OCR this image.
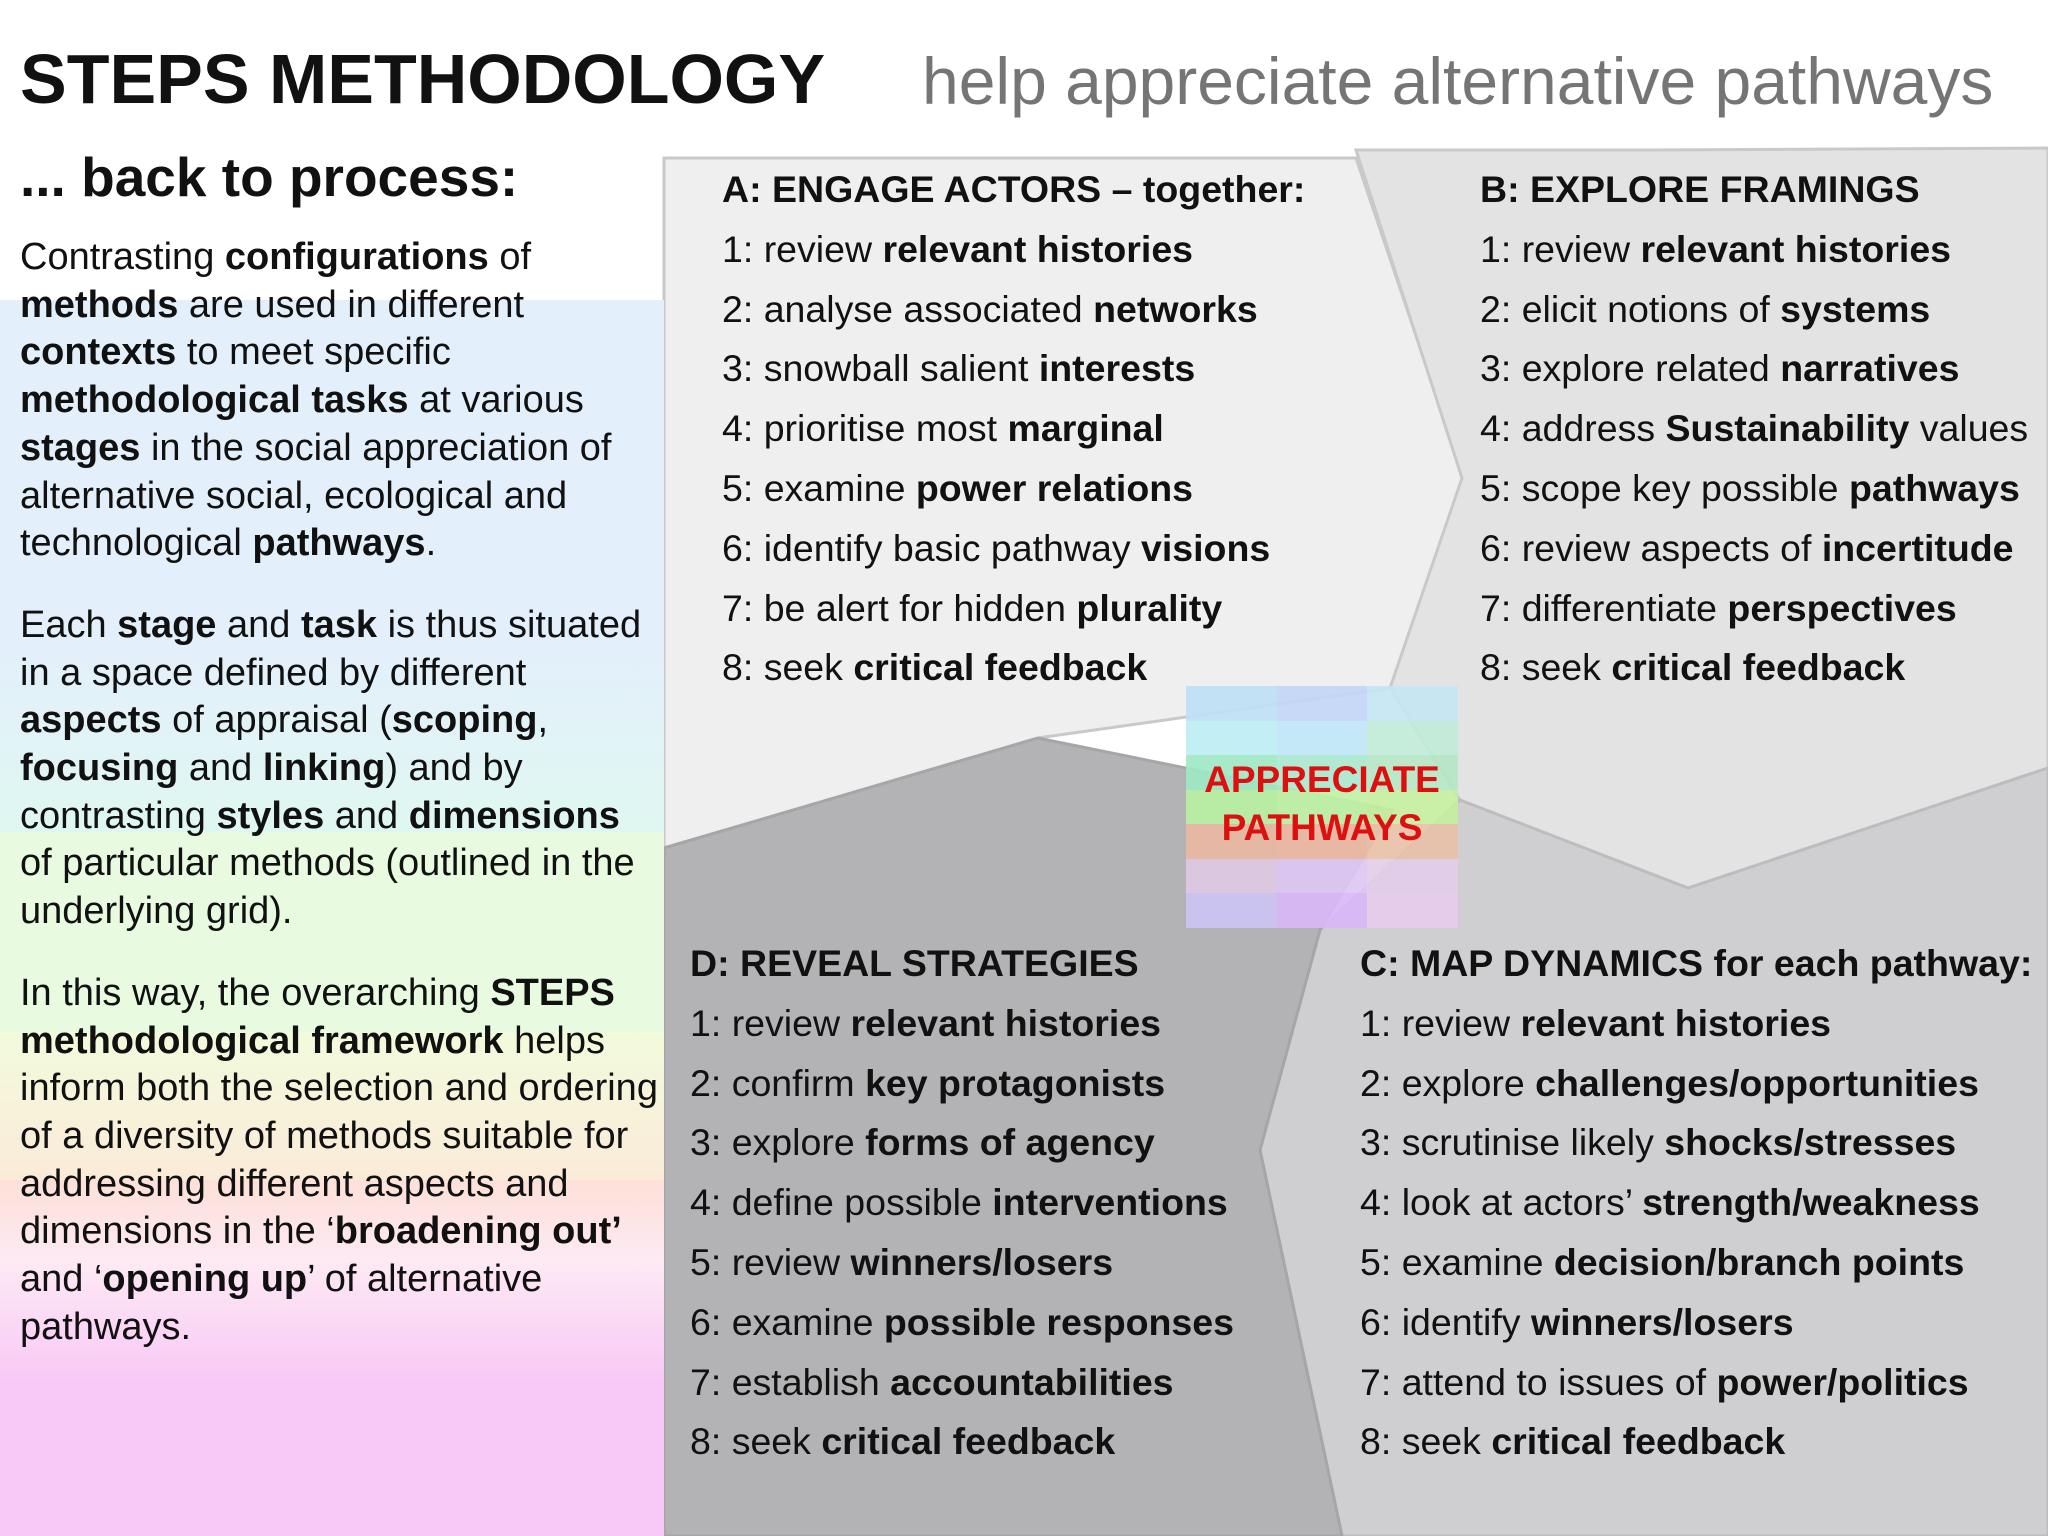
STEPS METHODOLOGY help appreciate alternative pathways
... back to process:

Contrasting configurations of methods are used in different contexts to meet specific methodological tasks at various stages in the social appreciation of alternative social, ecological and technological pathways.

Each stage and task is thus situated in a space defined by different aspects of appraisal (scoping, focusing and linking) and by contrasting styles and dimensions of particular methods (outlined in the underlying grid).

In this way, the overarching STEPS methodological framework helps inform both the selection and ordering of a diversity of methods suitable for addressing different aspects and dimensions in the ‘broadening out’ and ‘opening up’ of alternative pathways.

A: ENGAGE ACTORS – together:
1: review relevant histories
2: analyse associated networks
3: snowball salient interests
4: prioritise most marginal
5: examine power relations
6: identify basic pathway visions
7: be alert for hidden plurality
8: seek critical feedback
B: EXPLORE FRAMINGS
1: review relevant histories
2: elicit notions of systems
3: explore related narratives
4: address Sustainability values
5: scope key possible pathways
6: review aspects of incertitude
7: differentiate perspectives
8: seek critical feedback
D: REVEAL STRATEGIES
1: review relevant histories
2: confirm key protagonists
3: explore forms of agency
4: define possible interventions
5: review winners/losers
6: examine possible responses
7: establish accountabilities
8: seek critical feedback
C: MAP DYNAMICS for each pathway:
1: review relevant histories
2: explore challenges/opportunities
3: scrutinise likely shocks/stresses
4: look at actors’ strength/weakness
5: examine decision/branch points
6: identify winners/losers
7: attend to issues of power/politics
8: seek critical feedback
APPRECIATE
PATHWAYS
